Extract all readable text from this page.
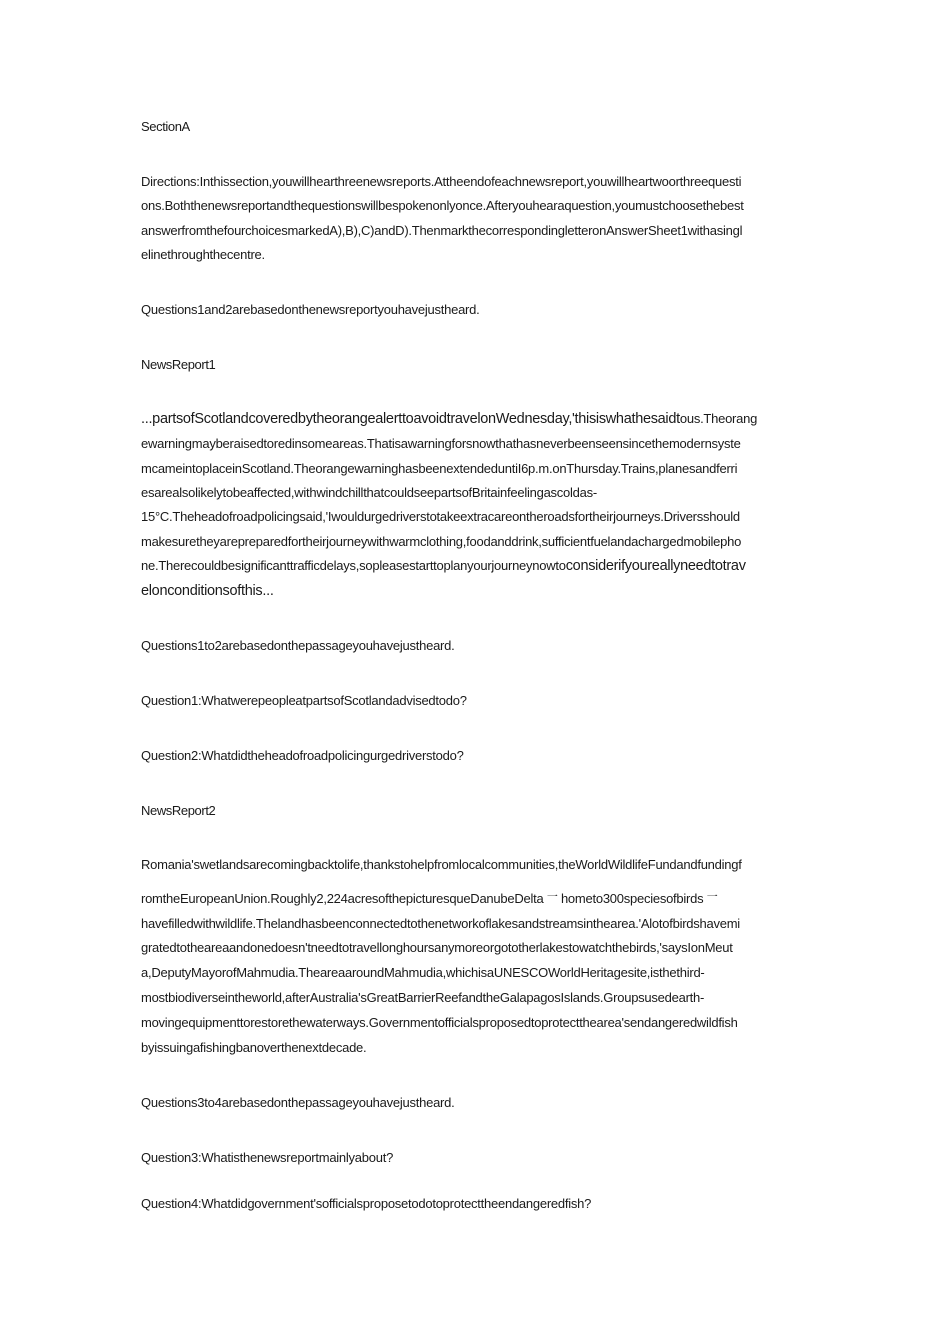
SectionA
Directions:Inthissection,youwillhearthreenewsreports.Attheendofeachnewsreport,youwillheartwoorthreequesti
ons.Boththenewsreportandthequestionswillbespokenonlyonce.Afteryouhearaquestion,youmustchoosethebest
answerfromthefourchoicesmarkedA),B),C)andD).ThenmarkthecorrespondingletteronAnswerSheet1withasingl
elinethroughthecentre.
Questions1and2arebasedonthenewsreportyouhavejustheard.
NewsReport1
...partsofScotlandcoveredbytheorangealerttoavoidtravelonWednesday,'thisiswhathesaidtous.Theorang
ewarningmayberaisedtoredinsomeareas.Thatisawarningforsnowthathasneverbeenseensincethemodernsyste
mcameintoplaceinScotland.TheorangewarninghasbeenextendeduntiI6p.m.onThursday.Trains,planesandferri
esarealsolikelytobeaffected,withwindchillthatcouldseepartsofBritainfeelingascoldas-
15°C.Theheadofroadpolicingsaid,'Iwouldurgedriverstotakeextracareontheroadsfortheirjourneys.Driversshould
makesuretheyarepreparedfortheirjourneywithwarmclothing,foodanddrink,sufficientfuelandachargedmobilepho
ne.Therecouldbesignificanttrafficdelays,sopleasestarttoplanyourjourneynowtoconsiderifyoureallyneedtotrav
elonconditionsofthis...
Questions1to2arebasedonthepassageyouhavejustheard.
Question1:WhatwerepeopleatpartsofScotlandadvisedtodo?
Question2:Whatdidtheheadofroadpolicingurgedriverstodo?
NewsReport2
Romania'swetlandsarecomingbacktolife,thankstohelpfromlocalcommunities,theWorldWildlifeFundandfundingf
romtheEuropeanUnion.Roughly2,224acresofthepicturesqueDanubeDelta $^一$ hometo300speciesofbirds $^一$
havefilledwithwildlife.Thelandhasbeenconnectedtothenetworkoflakesandstreamsinthearea.'Alotofbirdshavemi
gratedtotheareaandonedoesn'tneedtotravellonghoursanymoreorgototherlakestowatchthebirds,'saysIonMeut
a,DeputyMayorofMahmudia.TheareaaroundMahmudia,whichisaUNESCOWorldHeritagesite,isthethird-
mostbiodiverseintheworld,afterAustralia'sGreatBarrierReefandtheGalapagosIslands.Groupsusedearth-
movingequipmenttorestorethewaterways.Governmentofficialsproposedtoprotectthearea'sendangeredwildfish
byissuingafishingbanoverthenextdecade.
Questions3to4arebasedonthepassageyouhavejustheard.
Question3:Whatisthenewsreportmainlyabout?
Question4:Whatdidgovernment'sofficialsproposetodotoprotecttheendangeredfish?
